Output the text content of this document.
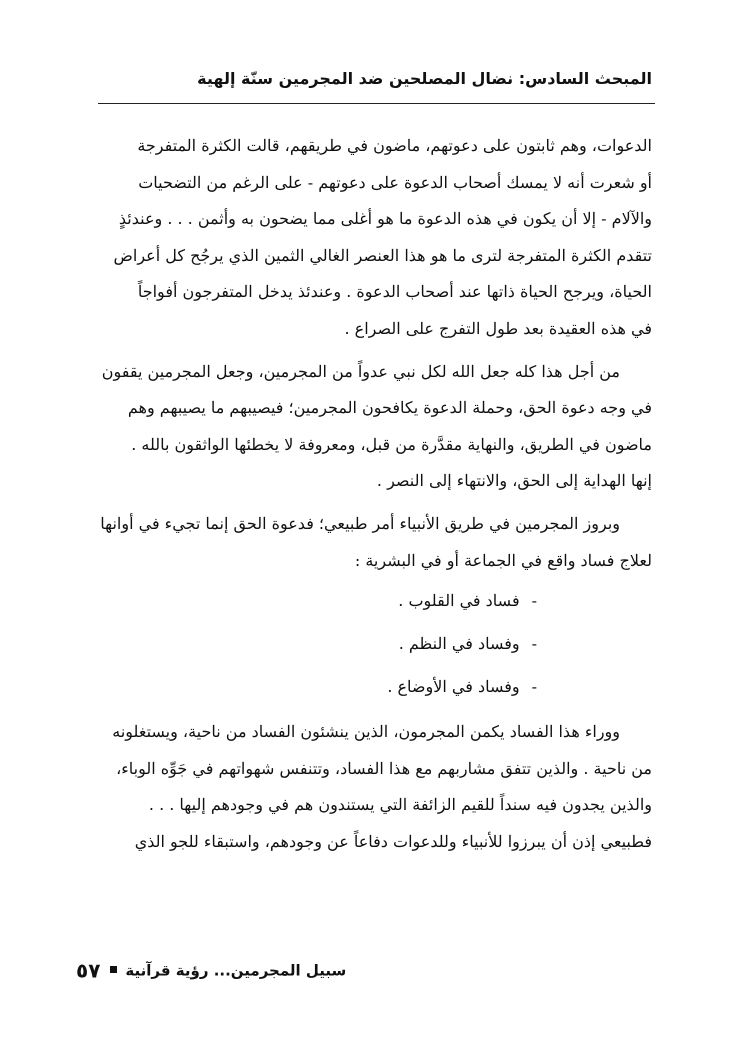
المبحث السادس: نضال المصلحين ضد المجرمين سنّة إلهية

الدعوات، وهم ثابتون على دعوتهم، ماضون في طريقهم، قالت الكثرة المتفرجة
أو شعرت أنه لا يمسك أصحاب الدعوة على دعوتهم - على الرغم من التضحيات
والآلام - إلا أن يكون في هذه الدعوة ما هو أغلى مما يضحون به وأثمن . . . وعندئذٍ
تتقدم الكثرة المتفرجة لترى ما هو هذا العنصر الغالي الثمين الذي يرجُح كل أعراض
الحياة، ويرجح الحياة ذاتها عند أصحاب الدعوة . وعندئذ يدخل المتفرجون أفواجاً
في هذه العقيدة بعد طول التفرج على الصراع .

من أجل هذا كله جعل الله لكل نبي عدواً من المجرمين، وجعل المجرمين يقفون
في وجه دعوة الحق، وحملة الدعوة يكافحون المجرمين؛ فيصيبهم ما يصيبهم وهم
ماضون في الطريق، والنهاية مقدَّرة من قبل، ومعروفة لا يخطئها الواثقون بالله .
إنها الهداية إلى الحق، والانتهاء إلى النصر .

وبروز المجرمين في طريق الأنبياء أمر طبيعي؛ فدعوة الحق إنما تجيء في أوانها
لعلاج فساد واقع في الجماعة أو في البشرية :

-فساد في القلوب .
-وفساد في النظم .
-وفساد في الأوضاع .

ووراء هذا الفساد يكمن المجرمون، الذين ينشئون الفساد من ناحية، ويستغلونه
من ناحية . والذين تتفق مشاربهم مع هذا الفساد، وتتنفس شهواتهم في جَوِّه الوباء،
والذين يجدون فيه سنداً للقيم الزائفة التي يستندون هم في وجودهم إليها . . .
فطبيعي إذن أن يبرزوا للأنبياء وللدعوات دفاعاً عن وجودهم، واستبقاء للجو الذي

٥٧ سبيل المجرمين... رؤية قرآنية
